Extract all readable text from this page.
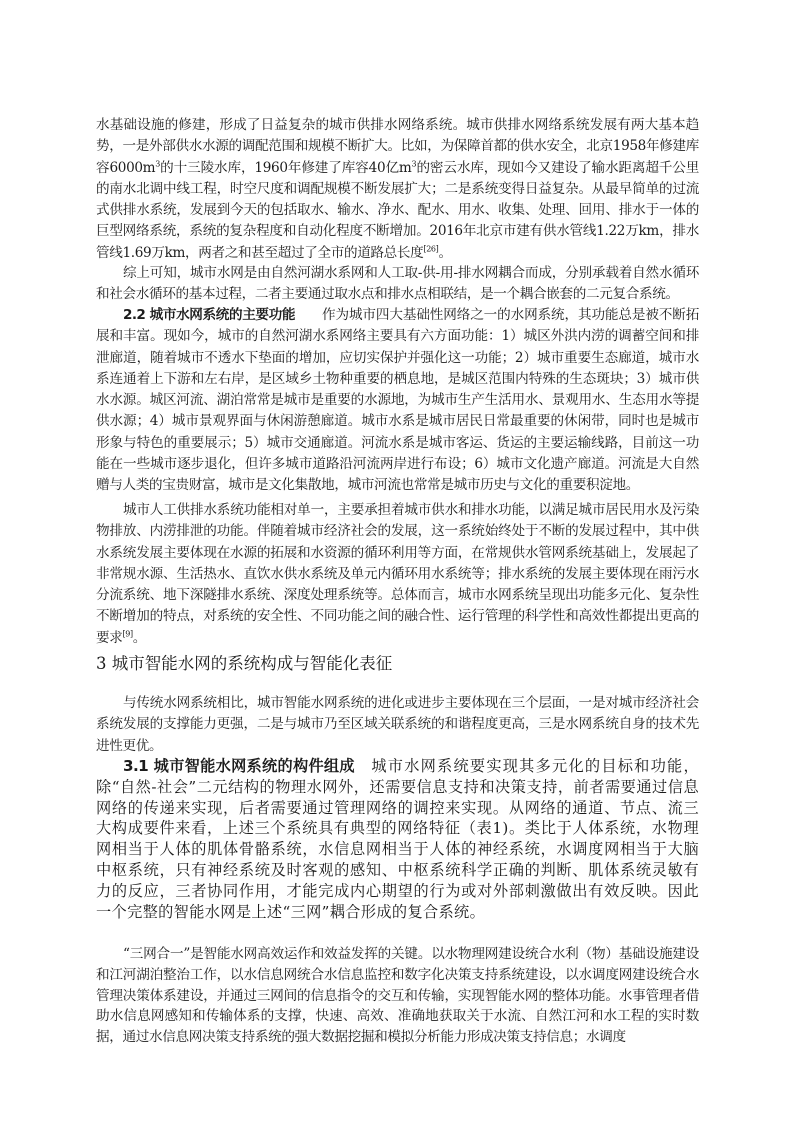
水基础设施的修建，形成了日益复杂的城市供排水网络系统。城市供排水网络系统发展有两大基本趋势，一是外部供水水源的调配范围和规模不断扩大。比如，为保障首都的供水安全，北京1958年修建库容$6000m^3$的十三陵水库，1960年修建了库容40亿$m^3$的密云水库，现如今又建设了输水距离超千公里的南水北调中线工程，时空尺度和调配规模不断发展扩大；二是系统变得日益复杂。从最早简单的过流式供排水系统，发展到今天的包括取水、输水、净水、配水、用水、收集、处理、回用、排水于一体的巨型网络系统，系统的复杂程度和自动化程度不断增加。2016年北京市建有供水管线1.22万km，排水管线1.69万km，两者之和甚至超过了全市的道路总长度[26]。
综上可知，城市水网是由自然河湖水系网和人工取-供-用-排水网耦合而成，分别承载着自然水循环和社会水循环的基本过程，二者主要通过取水点和排水点相联结，是一个耦合嵌套的二元复合系统。
2.2 城市水网系统的主要功能　　作为城市四大基础性网络之一的水网系统，其功能总是被不断拓展和丰富。现如今，城市的自然河湖水系网络主要具有六方面功能：1）城区外洪内涝的调蓄空间和排泄廊道，随着城市不透水下垫面的增加，应切实保护并强化这一功能；2）城市重要生态廊道，城市水系连通着上下游和左右岸，是区域乡土物种重要的栖息地，是城区范围内特殊的生态斑块；3）城市供水水源。城区河流、湖泊常常是城市是重要的水源地，为城市生产生活用水、景观用水、生态用水等提供水源；4）城市景观界面与休闲游憩廊道。城市水系是城市居民日常最重要的休闲带，同时也是城市形象与特色的重要展示；5）城市交通廊道。河流水系是城市客运、货运的主要运输线路，目前这一功能在一些城市逐步退化，但许多城市道路沿河流两岸进行布设；6）城市文化遗产廊道。河流是大自然赠与人类的宝贵财富，城市是文化集散地，城市河流也常常是城市历史与文化的重要积淀地。
城市人工供排水系统功能相对单一，主要承担着城市供水和排水功能，以满足城市居民用水及污染物排放、内涝排泄的功能。伴随着城市经济社会的发展，这一系统始终处于不断的发展过程中，其中供水系统发展主要体现在水源的拓展和水资源的循环利用等方面，在常规供水管网系统基础上，发展起了非常规水源、生活热水、直饮水供水系统及单元内循环用水系统等；排水系统的发展主要体现在雨污水分流系统、地下深隧排水系统、深度处理系统等。总体而言，城市水网系统呈现出功能多元化、复杂性不断增加的特点，对系统的安全性、不同功能之间的融合性、运行管理的科学性和高效性都提出更高的要求[9]。
3 城市智能水网的系统构成与智能化表征
与传统水网系统相比，城市智能水网系统的进化或进步主要体现在三个层面，一是对城市经济社会系统发展的支撑能力更强，二是与城市乃至区域关联系统的和谐程度更高，三是水网系统自身的技术先进性更优。
3.1 城市智能水网系统的构件组成　城市水网系统要实现其多元化的目标和功能，除“自然-社会”二元结构的物理水网外，还需要信息支持和决策支持，前者需要通过信息网络的传递来实现，后者需要通过管理网络的调控来实现。从网络的通道、节点、流三大构成要件来看，上述三个系统具有典型的网络特征（表1)。类比于人体系统，水物理网相当于人体的肌体骨骼系统，水信息网相当于人体的神经系统，水调度网相当于大脑中枢系统，只有神经系统及时客观的感知、中枢系统科学正确的判断、肌体系统灵敏有力的反应，三者协同作用，才能完成内心期望的行为或对外部刺激做出有效反映。因此一个完整的智能水网是上述“三网”耦合形成的复合系统。
“三网合一”是智能水网高效运作和效益发挥的关键。以水物理网建设统合水利（物）基础设施建设和江河湖泊整治工作，以水信息网统合水信息监控和数字化决策支持系统建设，以水调度网建设统合水管理决策体系建设，并通过三网间的信息指令的交互和传输，实现智能水网的整体功能。水事管理者借助水信息网感知和传输体系的支撑，快速、高效、准确地获取关于水流、自然江河和水工程的实时数据，通过水信息网决策支持系统的强大数据挖掘和模拟分析能力形成决策支持信息；水调度
